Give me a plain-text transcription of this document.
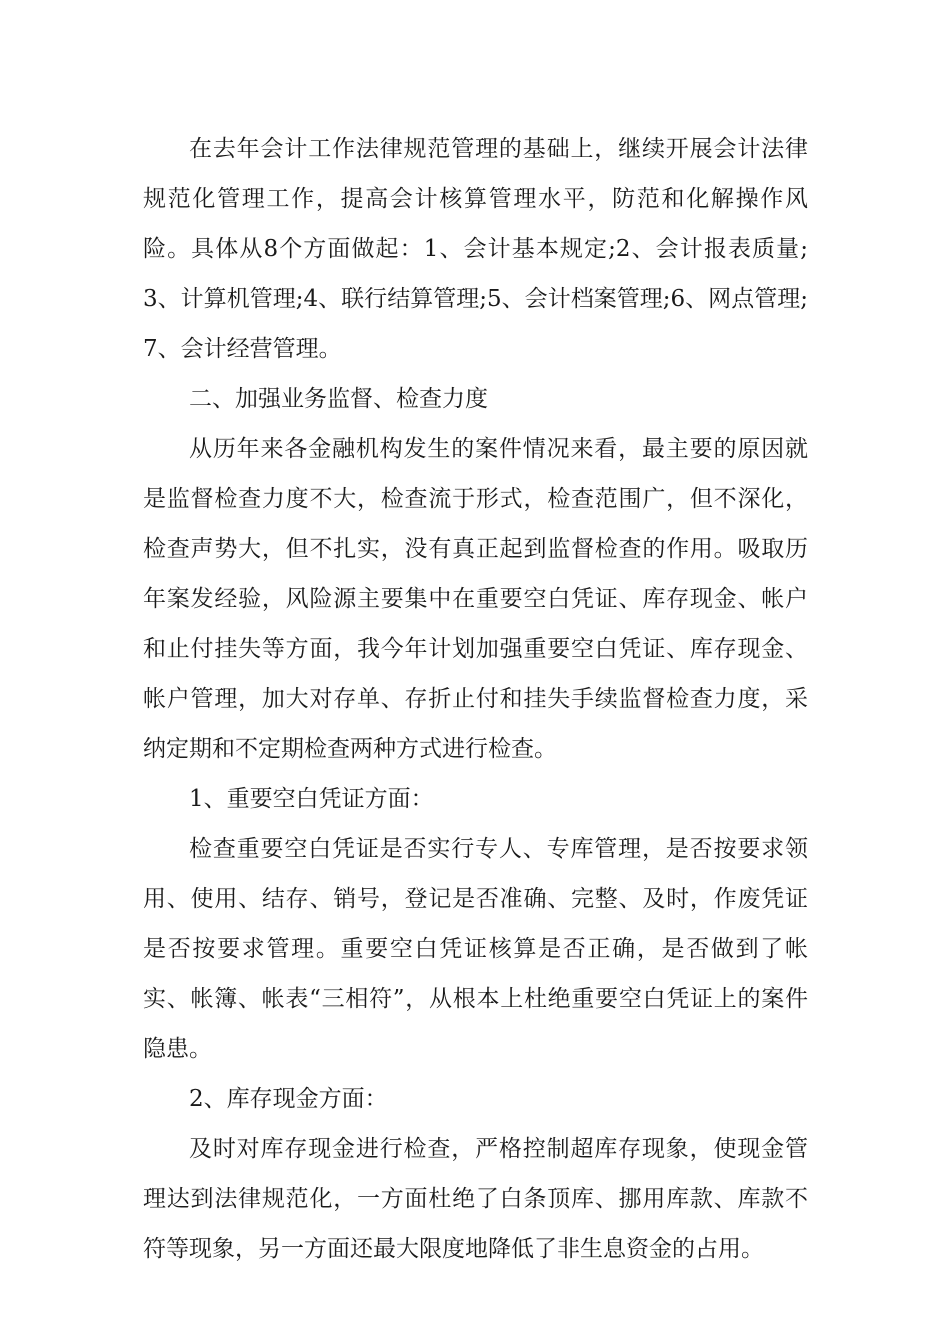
在去年会计工作法律规范管理的基础上，继续开展会计法律规范化管理工作，提高会计核算管理水平，防范和化解操作风险。具体从8个方面做起：1、会计基本规定;2、会计报表质量;3、计算机管理;4、联行结算管理;5、会计档案管理;6、网点管理;7、会计经营管理。

二、加强业务监督、检查力度

从历年来各金融机构发生的案件情况来看，最主要的原因就是监督检查力度不大，检查流于形式，检查范围广，但不深化，检查声势大，但不扎实，没有真正起到监督检查的作用。吸取历年案发经验，风险源主要集中在重要空白凭证、库存现金、帐户和止付挂失等方面，我今年计划加强重要空白凭证、库存现金、帐户管理，加大对存单、存折止付和挂失手续监督检查力度，采纳定期和不定期检查两种方式进行检查。

1、重要空白凭证方面：

检查重要空白凭证是否实行专人、专库管理，是否按要求领用、使用、结存、销号，登记是否准确、完整、及时，作废凭证是否按要求管理。重要空白凭证核算是否正确，是否做到了帐实、帐簿、帐表“三相符”，从根本上杜绝重要空白凭证上的案件隐患。

2、库存现金方面：

及时对库存现金进行检查，严格控制超库存现象，使现金管理达到法律规范化，一方面杜绝了白条顶库、挪用库款、库款不符等现象，另一方面还最大限度地降低了非生息资金的占用。
